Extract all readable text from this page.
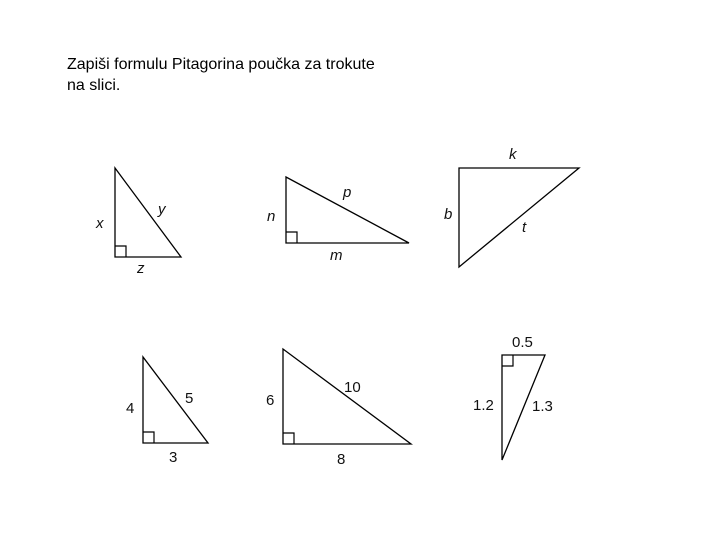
Zapiši formulu Pitagorina poučka za trokute
na slici.
x
y
z
n
p
m
k
b
t
4
5
3
6
10
8
0.5
1.2	1.3
